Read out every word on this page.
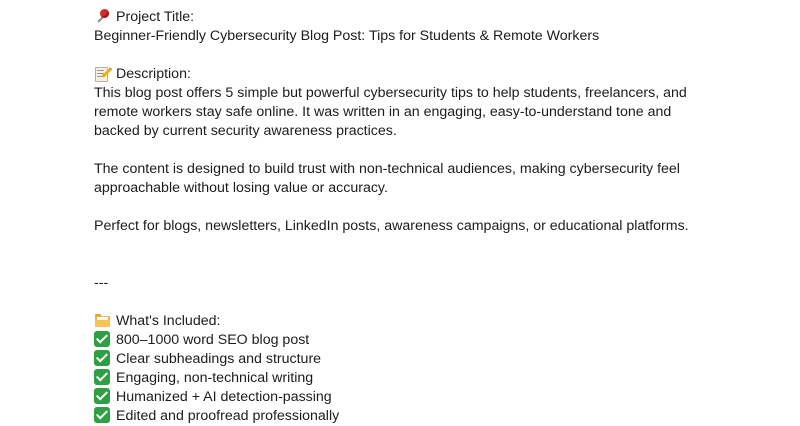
Project Title:
Beginner-Friendly Cybersecurity Blog Post: Tips for Students & Remote Workers
Description:
This blog post offers 5 simple but powerful cybersecurity tips to help students, freelancers, and
remote workers stay safe online. It was written in an engaging, easy-to-understand tone and
backed by current security awareness practices.
The content is designed to build trust with non-technical audiences, making cybersecurity feel
approachable without losing value or accuracy.
Perfect for blogs, newsletters, LinkedIn posts, awareness campaigns, or educational platforms.
---
What's Included:
800–1000 word SEO blog post
Clear subheadings and structure
Engaging, non-technical writing
Humanized + AI detection-passing
Edited and proofread professionally
